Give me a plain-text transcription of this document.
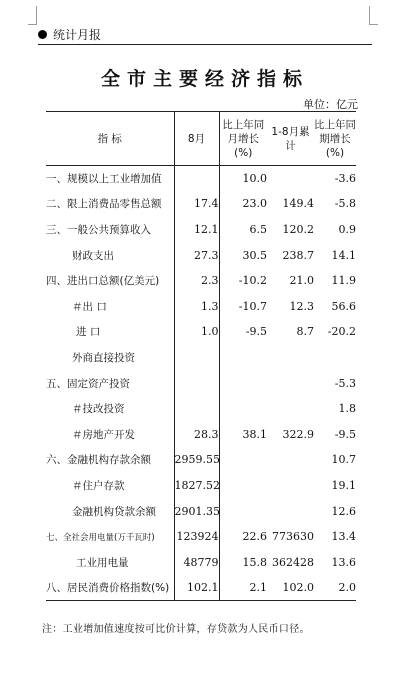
统计月报
全市主要经济指标
单位：亿元
指 标	8月	比上年同月增长(%)	1-8月累 计	比上年同期增长(%)
一、规模以上工业增加值		10.0		-3.6
二、限上消费品零售总额	17.4	23.0	149.4	-5.8
三、一般公共预算收入	12.1	6.5	120.2	0.9
财政支出	27.3	30.5	238.7	14.1
四、进出口总额(亿美元)	2.3	-10.2	21.0	11.9
＃出 口	1.3	-10.7	12.3	56.6
进 口	1.0	-9.5	8.7	-20.2
外商直接投资				
五、固定资产投资				-5.3
＃技改投资				1.8
＃房地产开发	28.3	38.1	322.9	-9.5
六、金融机构存款余额	2959.55			10.7
＃住户存款	1827.52			19.1
金融机构贷款余额	2901.35			12.6
七、全社会用电量(万千瓦时)	123924	22.6	773630	13.4
工业用电量	48779	15.8	362428	13.6
八、居民消费价格指数(%)	102.1	2.1	102.0	2.0
注：工业增加值速度按可比价计算，存贷款为人民币口径。
